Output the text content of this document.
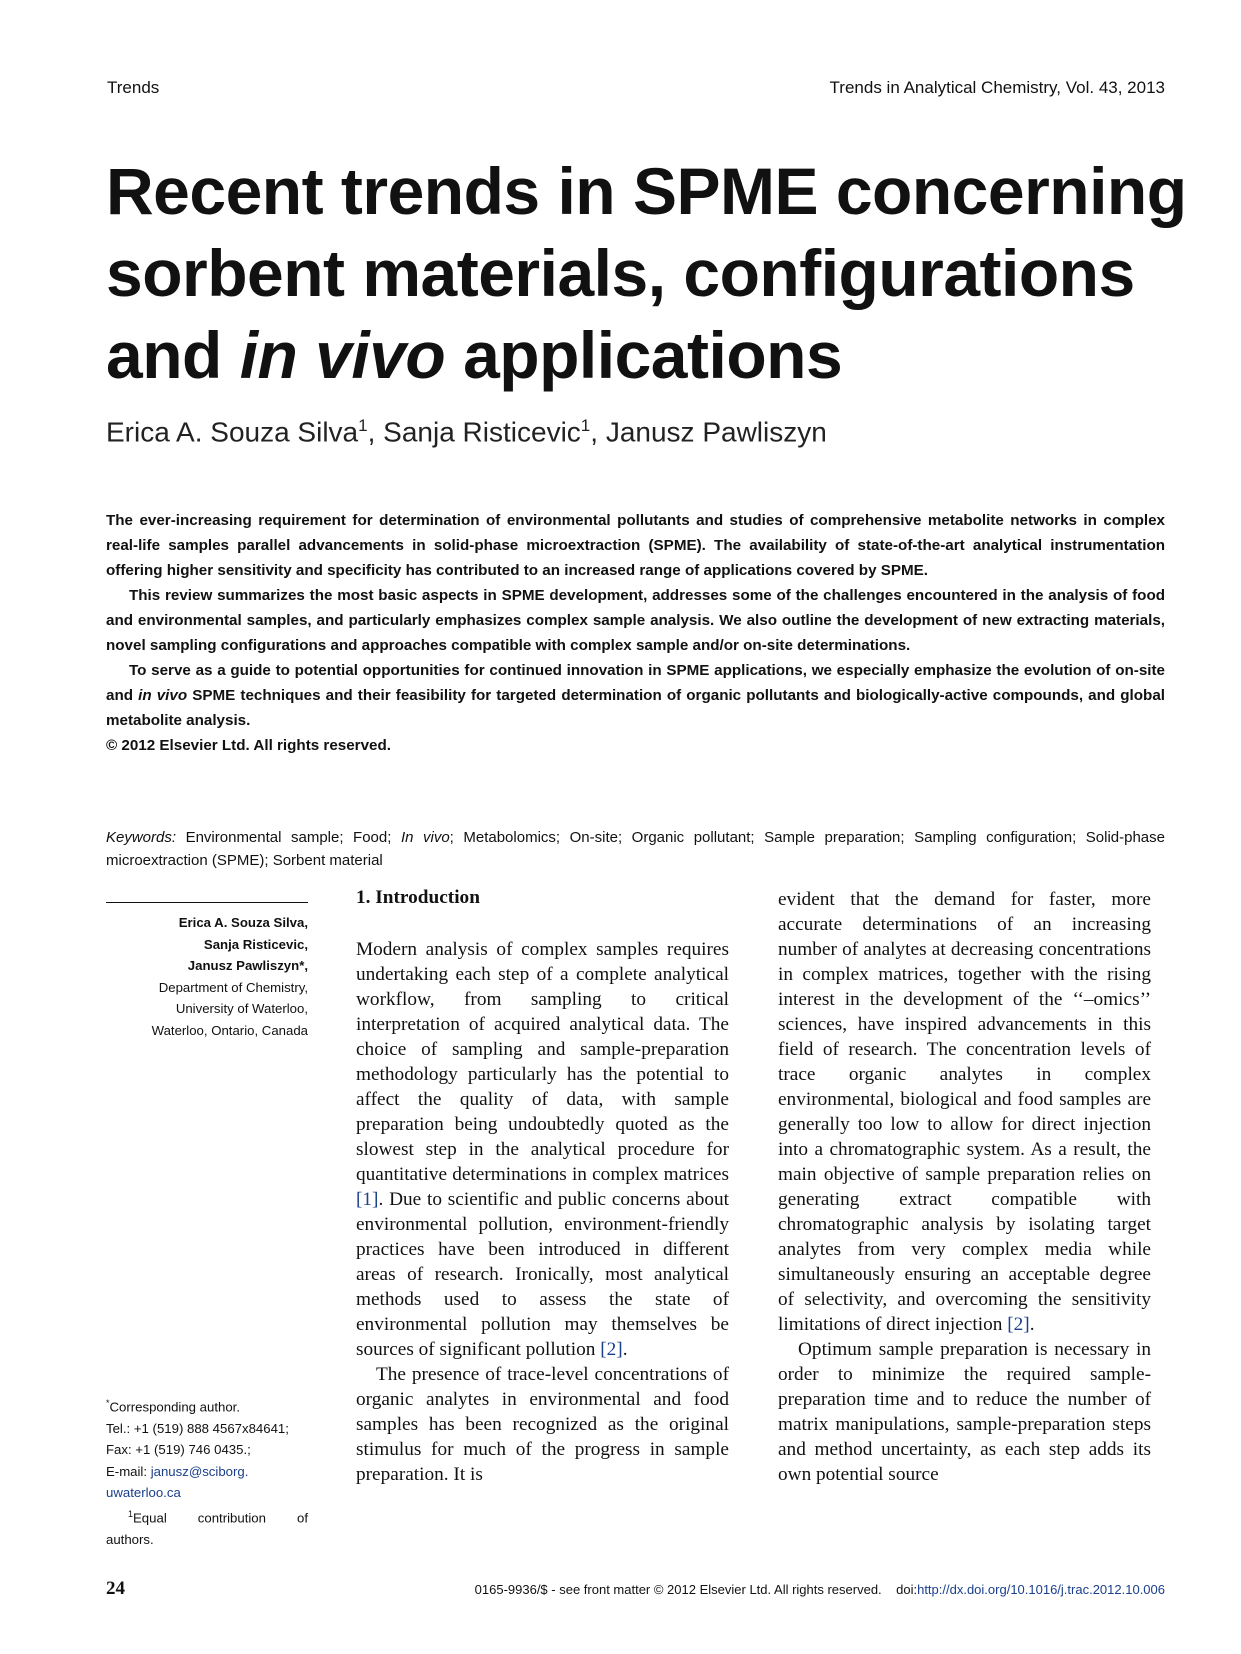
Trends	Trends in Analytical Chemistry, Vol. 43, 2013
Recent trends in SPME concerning
sorbent materials, configurations
and in vivo applications
Erica A. Souza Silva$^1$, Sanja Risticevic$^1$, Janusz Pawliszyn

The ever-increasing requirement for determination of environmental pollutants and studies of comprehensive metabolite networks in complex real-life samples parallel advancements in solid-phase microextraction (SPME). The availability of state-of-the-art analytical instrumentation offering higher sensitivity and specificity has contributed to an increased range of applications covered by SPME.

This review summarizes the most basic aspects in SPME development, addresses some of the challenges encountered in the analysis of food and environmental samples, and particularly emphasizes complex sample analysis. We also outline the development of new extracting materials, novel sampling configurations and approaches compatible with complex sample and/or on-site determinations.

To serve as a guide to potential opportunities for continued innovation in SPME applications, we especially emphasize the evolution of on-site and in vivo SPME techniques and their feasibility for targeted determination of organic pollutants and biologically-active compounds, and global metabolite analysis.

© 2012 Elsevier Ltd. All rights reserved.

Keywords: Environmental sample; Food; In vivo; Metabolomics; On-site; Organic pollutant; Sample preparation; Sampling configuration; Solid-phase microextraction (SPME); Sorbent material
Erica A. Souza Silva,
Sanja Risticevic,
Janusz Pawliszyn*,
Department of Chemistry,
University of Waterloo,
Waterloo, Ontario, Canada
*Corresponding author.
Tel.: +1 (519) 888 4567x84641;
Fax: +1 (519) 746 0435.;
E-mail: janusz@sciborg.
uwaterloo.ca
$^1$Equal contribution of
authors.
1. Introduction

Modern analysis of complex samples requires undertaking each step of a complete analytical workflow, from sampling to critical interpretation of acquired analytical data. The choice of sampling and sample-preparation methodology particularly has the potential to affect the quality of data, with sample preparation being undoubtedly quoted as the slowest step in the analytical procedure for quantitative determinations in complex matrices [1]. Due to scientific and public concerns about environmental pollution, environment-friendly practices have been introduced in different areas of research. Ironically, most analytical methods used to assess the state of environmental pollution may themselves be sources of significant pollution [2].

The presence of trace-level concentrations of organic analytes in environmental and food samples has been recognized as the original stimulus for much of the progress in sample preparation. It is

evident that the demand for faster, more accurate determinations of an increasing number of analytes at decreasing concentrations in complex matrices, together with the rising interest in the development of the ‘‘–omics’’ sciences, have inspired advancements in this field of research. The concentration levels of trace organic analytes in complex environmental, biological and food samples are generally too low to allow for direct injection into a chromatographic system. As a result, the main objective of sample preparation relies on generating extract compatible with chromatographic analysis by isolating target analytes from very complex media while simultaneously ensuring an acceptable degree of selectivity, and overcoming the sensitivity limitations of direct injection [2].

Optimum sample preparation is necessary in order to minimize the required sample-preparation time and to reduce the number of matrix manipulations, sample-preparation steps and method uncertainty, as each step adds its own potential source

24	0165-9936/$ - see front matter © 2012 Elsevier Ltd. All rights reserved. doi:http://dx.doi.org/10.1016/j.trac.2012.10.006
